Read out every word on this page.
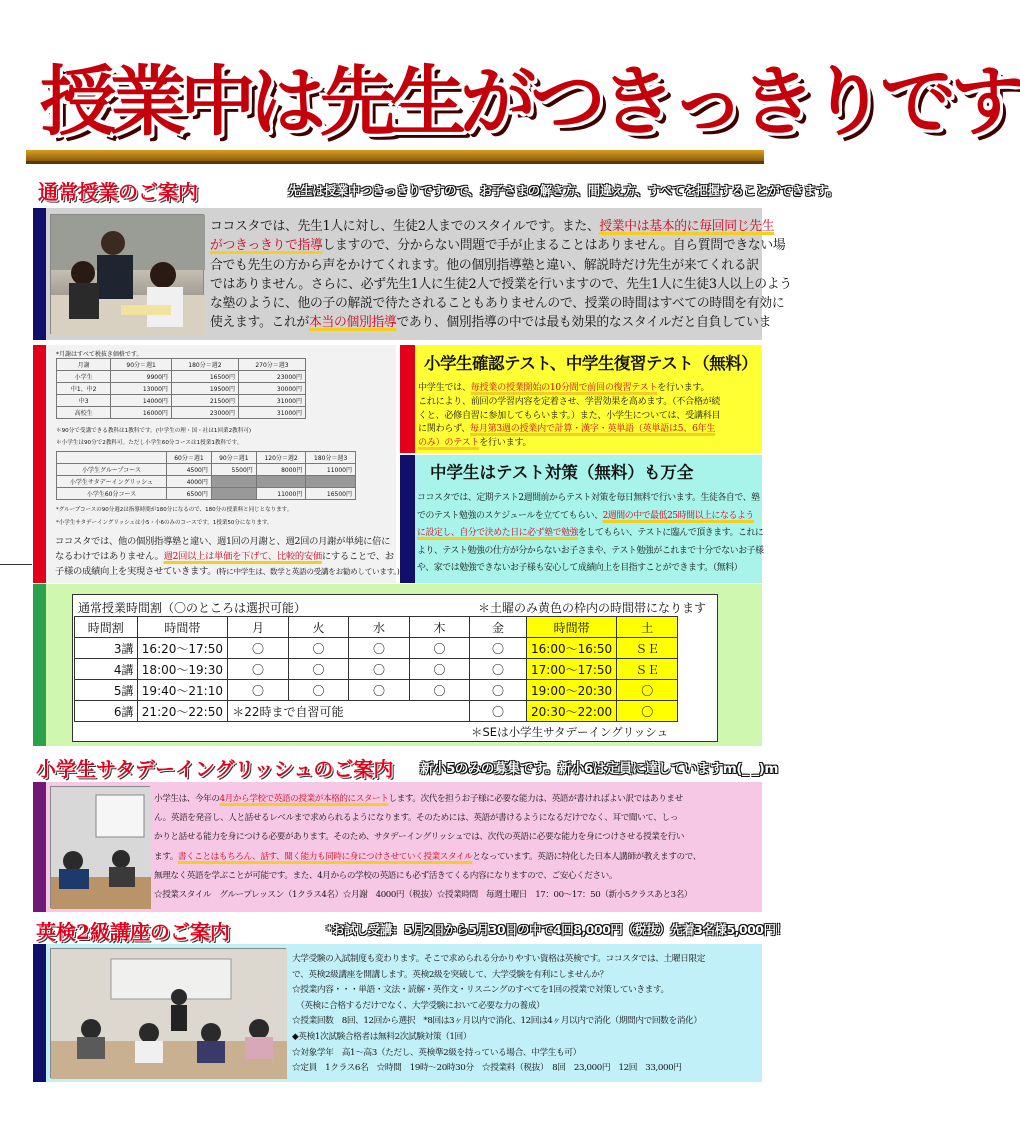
授業中は先生がつきっきりです
通常授業のご案内	先生は授業中つきっきりですので、お子さまの解き方、間違え方、すべてを把握することができます。
ココスタでは、先生1人に対し、生徒2人までのスタイルです。また、授業中は基本的に毎回同じ先生
がつきっきりで指導しますので、分からない問題で手が止まることはありません。自ら質問できない場
合でも先生の方から声をかけてくれます。他の個別指導塾と違い、解説時だけ先生が来てくれる訳
ではありません。さらに、必ず先生1人に生徒2人で授業を行いますので、先生1人に生徒3人以上のよう
な塾のように、他の子の解説で待たされることもありませんので、授業の時間はすべての時間を有効に
使えます。これが本当の個別指導であり、個別指導の中では最も効果的なスタイルだと自負していま
*月謝はすべて税抜き価格です。
月謝	90分＝週1	180分＝週2	270分＝週3
小学生	9900円	16500円	23000円
中1、中2	13000円	19500円	30000円
中3	14000円	21500円	31000円
高校生	16000円	23000円	31000円
＊90分で受講できる教科は1教科です。(中学生の理・国・社は1回業2教科可)
＊小学生は90分で2教科可。ただし小学生60分コースは1授業1教科です。
	60分＝週1	90分＝週1	120分＝週2	180分＝週3
小学生グループコース	4500円	5500円	8000円	11000円
小学生サタデーイングリッシュ	4000円			
小学生60分コース	6500円		11000円	16500円
*グループコースの90分週2は指導時間が180分になるので、180分の授業料と同じとなります。
*小学生サタデーイングリッシュは小5・小6のみのコースです。1授業50分になります。
ココスタでは、他の個別指導塾と違い、週1回の月謝と、週2回の月謝が単純に倍に
なるわけではありません。週2回以上は単価を下げて、比較的安価にすることで、お
子様の成績向上を実現させていきます。(特に中学生は、数学と英語の受講をお勧めしています。)
小学生確認テスト、中学生復習テスト（無料）
中学生では、毎授業の授業開始の10分間で前回の復習テストを行います。
これにより、前回の学習内容を定着させ、学習効果を高めます。（不合格が続
くと、必修自習に参加してもらいます。）また、小学生については、受講科目
に関わらず、毎月第3週の授業内で計算・漢字・英単語（英単語は5、6年生
のみ）のテストを行います。
中学生はテスト対策（無料）も万全
ココスタでは、定期テスト2週間前からテスト対策を毎日無料で行います。生徒各自で、塾
でのテスト勉強のスケジュールを立ててもらい、2週間の中で最低25時間以上になるよう
に設定し、自分で決めた日に必ず塾で勉強をしてもらい、テストに臨んで頂きます。これに
より、テスト勉強の仕方が分からないお子さまや、テスト勉強がこれまで十分でないお子様
や、家では勉強できないお子様も安心して成績向上を目指すことができます。（無料）
通常授業時間割（〇のところは選択可能）	＊土曜のみ黄色の枠内の時間帯になります
時間割	時間帯	月	火	水	木	金	時間帯	土
3講	16:20～17:50	〇	〇	〇	〇	〇	16:00～16:50	ＳＥ
4講	18:00～19:30	〇	〇	〇	〇	〇	17:00～17:50	ＳＥ
5講	19:40～21:10	〇	〇	〇	〇	〇	19:00～20:30	〇
6講	21:20～22:50	＊22時まで自習可能				〇	20:30～22:00	〇
＊SEは小学生サタデーイングリッシュ
小学生サタデーイングリッシュのご案内 新小5のみの募集です。新小6は定員に達していますm(_ _)m
小学生は、今年の4月から学校で英語の授業が本格的にスタートします。次代を担うお子様に必要な能力は、英語が書ければよい訳ではありませ
ん。英語を発音し、人と話せるレベルまで求められるようになります。そのためには、英語が書けるようになるだけでなく、耳で聞いて、しっ
かりと話せる能力を身につける必要があります。そのため、サタデーイングリッシュでは、次代の英語に必要な能力を身につけさせる授業を行い
ます。書くことはもちろん、話す、聞く能力も同時に身につけさせていく授業スタイルとなっています。英語に特化した日本人講師が教えますので、
無理なく英語を学ぶことが可能です。また、4月からの学校の英語にも必ず活きてくる内容になりますので、ご安心ください。
☆授業スタイル　グループレッスン（1クラス4名）☆月謝　4000円（税抜）☆授業時間　毎週土曜日　17：00～17：50（新小5クラスあと3名）
英検2級講座のご案内	*お試し受講：5月2日から5月30日の中で4回8,000円（税抜）先着3名様5,000円！
大学受験の入試制度も変わります。そこで求められる分かりやすい資格は英検です。ココスタでは、土曜日限定
で、英検2級講座を開講します。英検2級を突破して、大学受験を有利にしませんか？
☆授業内容・・・単語・文法・読解・英作文・リスニングのすべてを1回の授業で対策していきます。
　（英検に合格するだけでなく、大学受験において必要な力の養成）
☆授業回数　8回、12回から選択　*8回は3ヶ月以内で消化、12回は4ヶ月以内で消化（期間内で回数を消化）
◆英検1次試験合格者は無料2次試験対策（1回）
☆対象学年　高1～高3（ただし、英検準2級を持っている場合、中学生も可）
☆定員　1クラス6名　☆時間　19時～20時30分　☆授業料（税抜）　8回　23,000円　12回　33,000円
